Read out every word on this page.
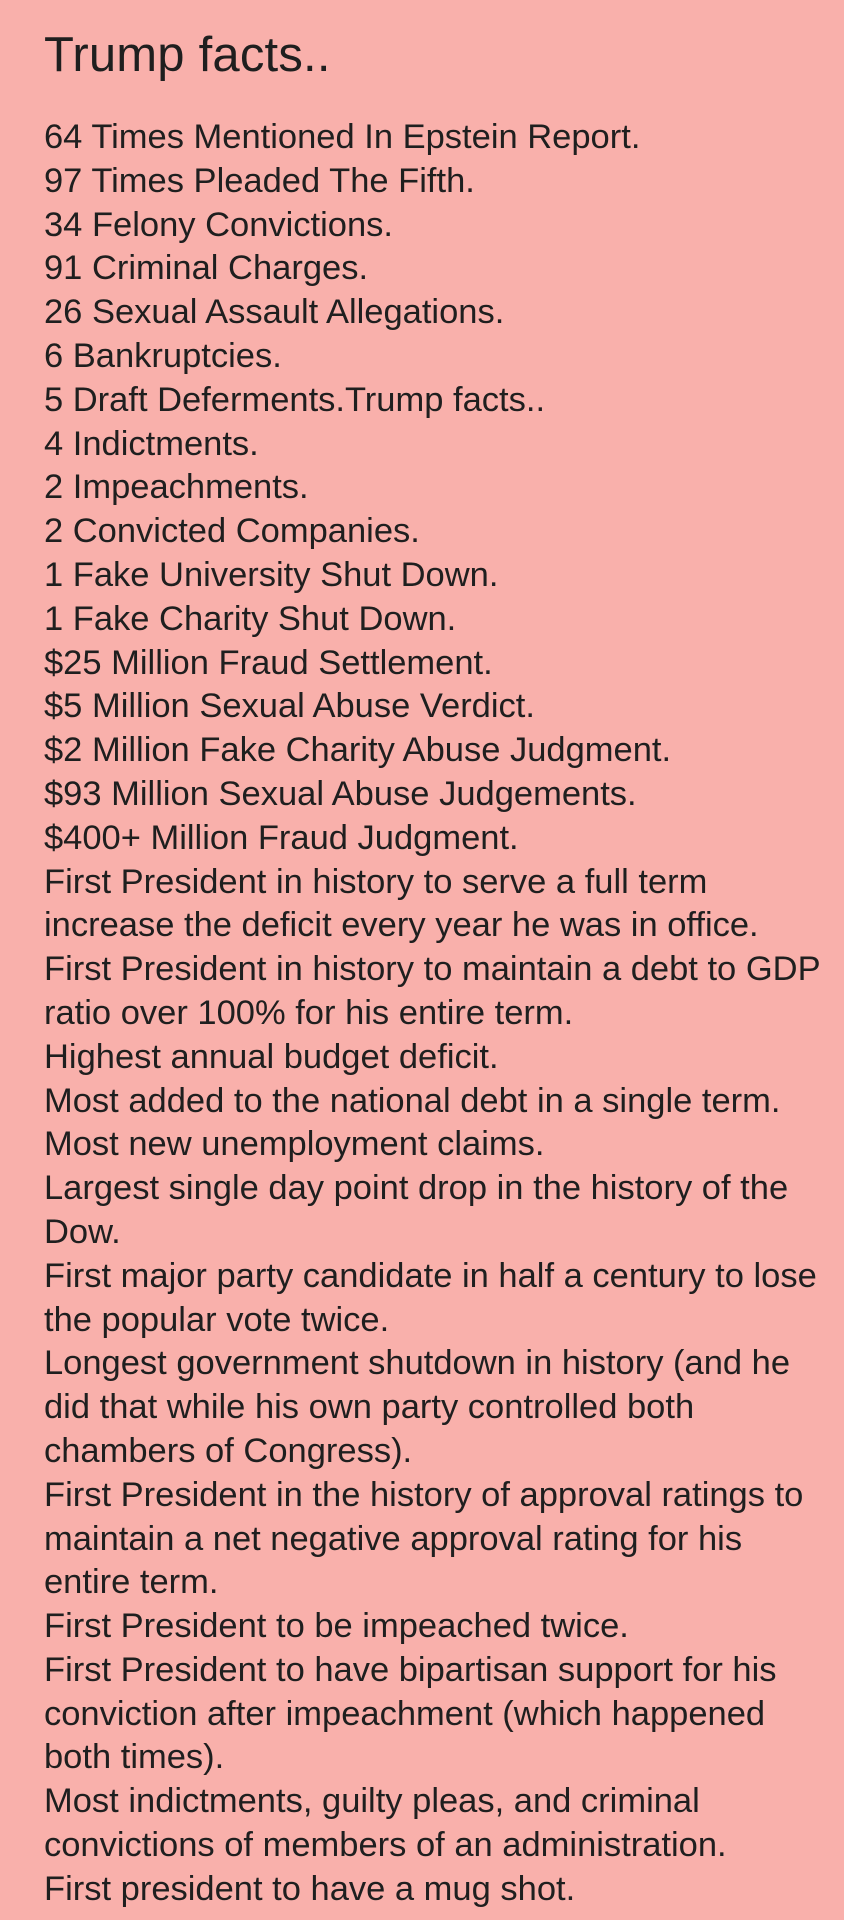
Trump facts..
64 Times Mentioned In Epstein Report.
97 Times Pleaded The Fifth.
34 Felony Convictions.
91 Criminal Charges.
26 Sexual Assault Allegations.
6 Bankruptcies.
5 Draft Deferments.Trump facts..
4 Indictments.
2 Impeachments.
2 Convicted Companies.
1 Fake University Shut Down.
1 Fake Charity Shut Down.
$25 Million Fraud Settlement.
$5 Million Sexual Abuse Verdict.
$2 Million Fake Charity Abuse Judgment.
$93 Million Sexual Abuse Judgements.
$400+ Million Fraud Judgment.
First President in history to serve a full term increase the deficit every year he was in office.
First President in history to maintain a debt to GDP ratio over 100% for his entire term.
Highest annual budget deficit.
Most added to the national debt in a single term.
Most new unemployment claims.
Largest single day point drop in the history of the Dow.
First major party candidate in half a century to lose the popular vote twice.
Longest government shutdown in history (and he did that while his own party controlled both chambers of Congress).
First President in the history of approval ratings to maintain a net negative approval rating for his entire term.
First President to be impeached twice.
First President to have bipartisan support for his conviction after impeachment (which happened both times).
Most indictments, guilty pleas, and criminal convictions of members of an administration.
First president to have a mug shot.
